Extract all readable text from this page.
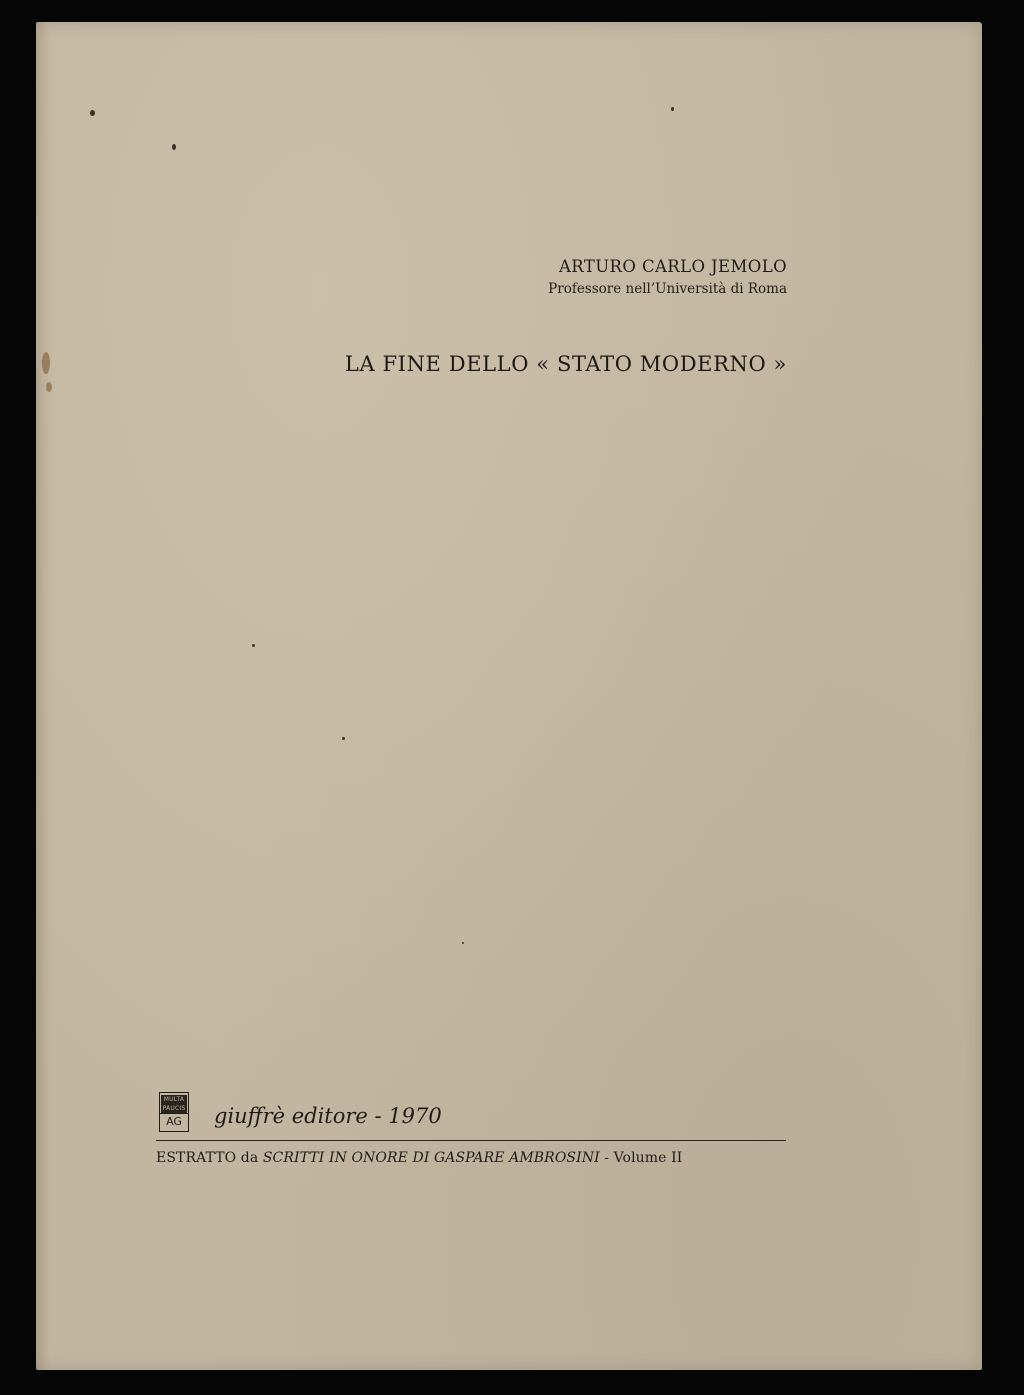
ARTURO CARLO JEMOLO
Professore nell’Università di Roma
LA FINE DELLO « STATO MODERNO »
MULTA
PAUCIS
AG giuffrè editore - 1970
ESTRATTO da SCRITTI IN ONORE DI GASPARE AMBROSINI - Volume II
